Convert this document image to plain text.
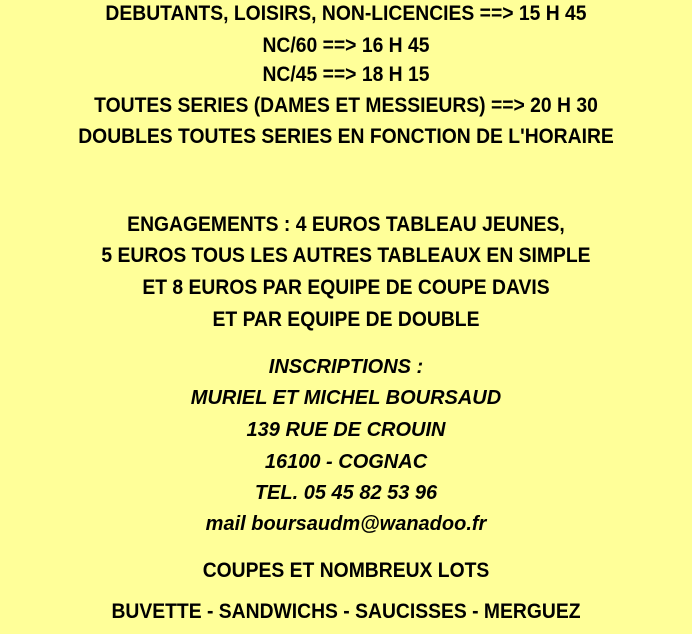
DEBUTANTS, LOISIRS, NON-LICENCIES ==> 15 H 45
NC/60 ==> 16 H 45
NC/45 ==> 18 H 15
TOUTES SERIES (DAMES ET MESSIEURS) ==> 20 H 30
DOUBLES TOUTES SERIES EN FONCTION DE L'HORAIRE
ENGAGEMENTS : 4 EUROS TABLEAU JEUNES,
5 EUROS TOUS LES AUTRES TABLEAUX EN SIMPLE
ET 8 EUROS PAR EQUIPE DE COUPE DAVIS
ET PAR EQUIPE DE DOUBLE
INSCRIPTIONS :
MURIEL ET MICHEL BOURSAUD
139 RUE DE CROUIN
16100 - COGNAC
TEL. 05 45 82 53 96
mail boursaudm@wanadoo.fr
COUPES ET NOMBREUX LOTS
BUVETTE - SANDWICHS - SAUCISSES - MERGUEZ
